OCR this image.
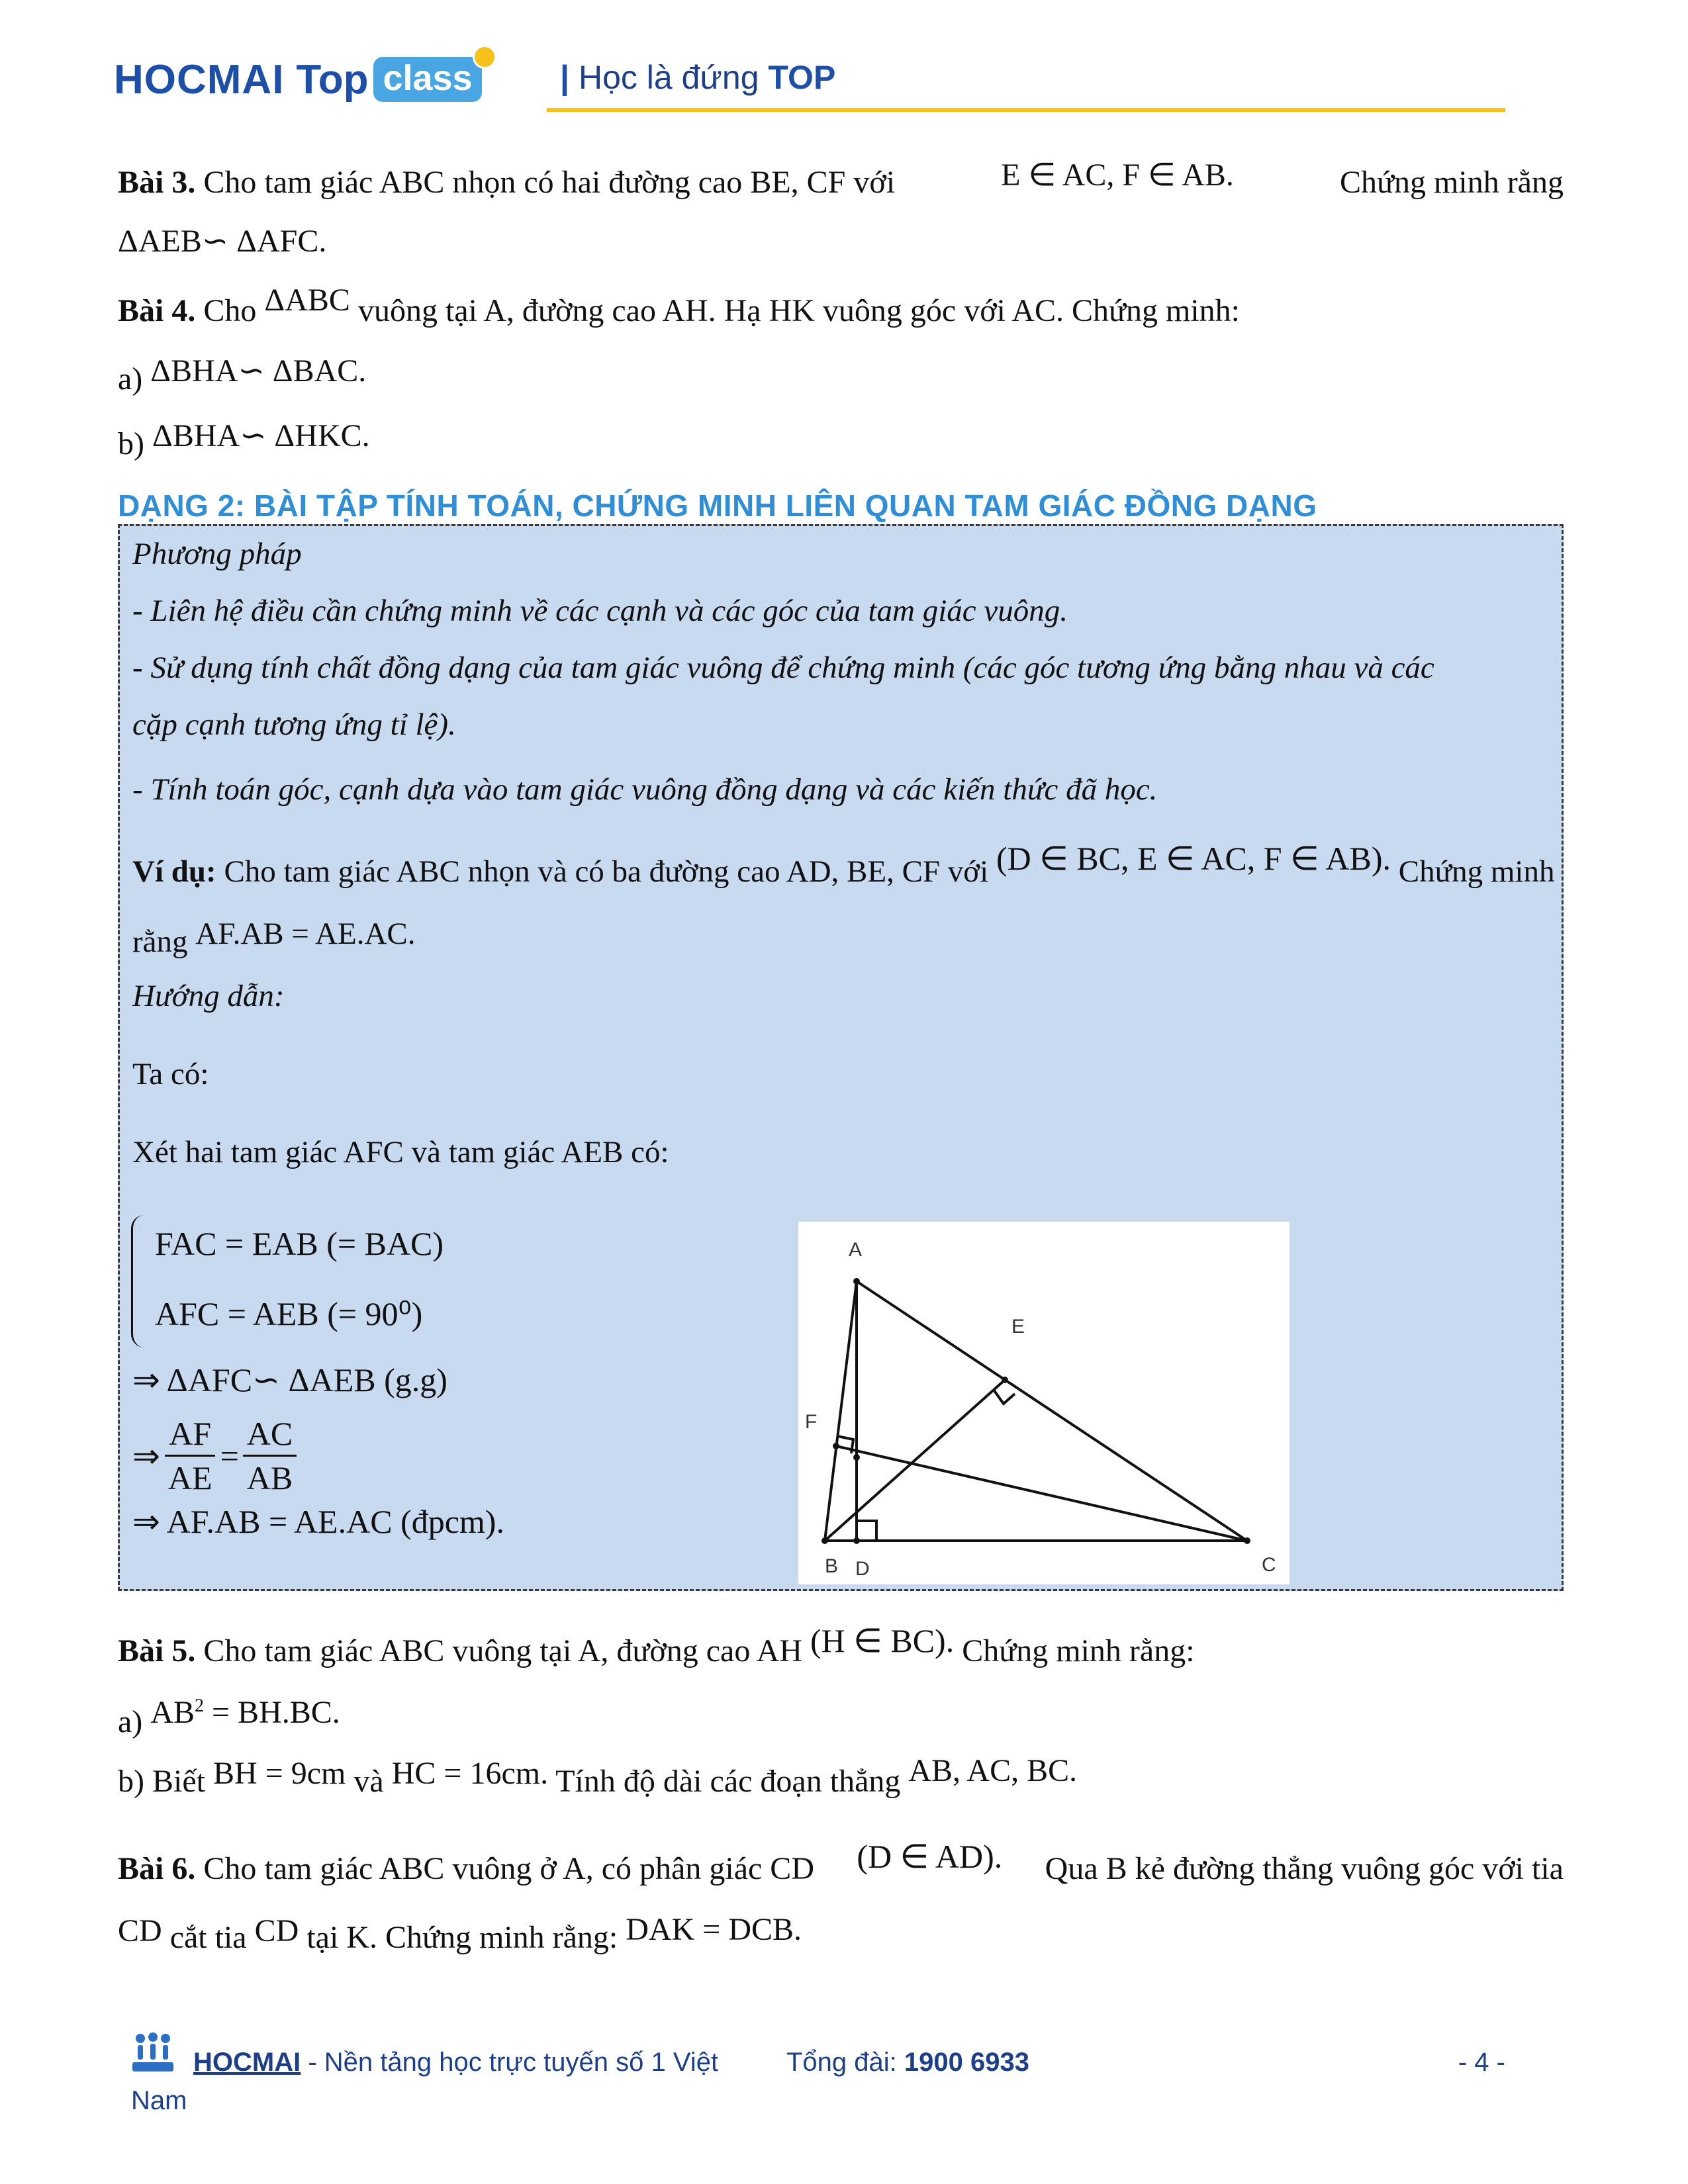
HOCMAI Top class	| Học là đứng TOP
Bài 3. Cho tam giác ABC nhọn có hai đường cao BE, CF với	E ∈ AC, F ∈ AB.	Chứng minh rằng
ΔAEB∽ ΔAFC.
Bài 4. Cho ΔABC vuông tại A, đường cao AH. Hạ HK vuông góc với AC. Chứng minh:
a) ΔBHA∽ ΔBAC.
b) ΔBHA∽ ΔHKC.
DẠNG 2: BÀI TẬP TÍNH TOÁN, CHỨNG MINH LIÊN QUAN TAM GIÁC ĐỒNG DẠNG
Phương pháp
- Liên hệ điều cần chứng minh về các cạnh và các góc của tam giác vuông.
- Sử dụng tính chất đồng dạng của tam giác vuông để chứng minh (các góc tương ứng bằng nhau và các
cặp cạnh tương ứng tỉ lệ).
- Tính toán góc, cạnh dựa vào tam giác vuông đồng dạng và các kiến thức đã học.
Ví dụ: Cho tam giác ABC nhọn và có ba đường cao AD, BE, CF với (D ∈ BC, E ∈ AC, F ∈ AB). Chứng minh
rằng AF.AB = AE.AC.
Hướng dẫn:
Ta có:
Xét hai tam giác AFC và tam giác AEB có:
FAC = EAB (= BAC)
AFC = AEB (= 90⁰)
⇒ ΔAFC∽ ΔAEB (g.g)
⇒ $\frac{AF}{AE} = \frac{AC}{AB}$
⇒ AF.AB = AE.AC (đpcm).
A
B	C
D
E
F
Bài 5. Cho tam giác ABC vuông tại A, đường cao AH (H ∈ BC). Chứng minh rằng:
a) $AB^2 = BH.BC$.
b) Biết BH = 9cm và HC = 16cm. Tính độ dài các đoạn thẳng AB, AC, BC.
Bài 6. Cho tam giác ABC vuông ở A, có phân giác CD (D ∈ AD). Qua B kẻ đường thẳng vuông góc với tia
CD cắt tia CD tại K. Chứng minh rằng: DAK = DCB.
HOCMAI - Nền tảng học trực tuyến số 1 Việt	Tổng đài: 1900 6933	- 4 -
Nam
